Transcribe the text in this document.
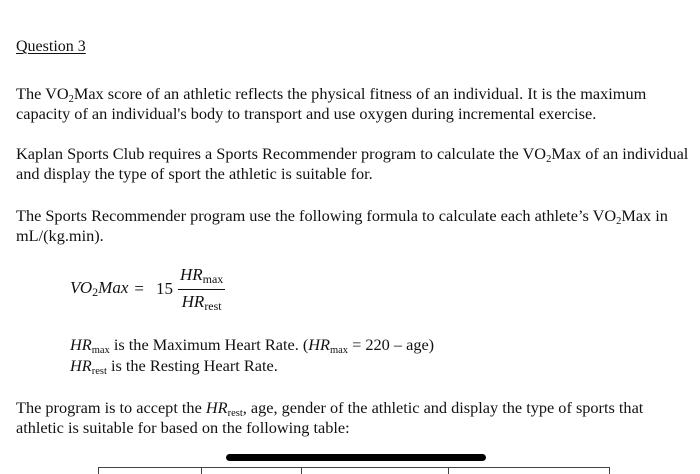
Question 3
The $VO_2Max$ score of an athletic reflects the physical fitness of an individual. It is the maximum capacity of an individual's body to transport and use oxygen during incremental exercise.
Kaplan Sports Club requires a Sports Recommender program to calculate the $VO_2Max$ of an individual and display the type of sport the athletic is suitable for.
The Sports Recommender program use the following formula to calculate each athlete’s $VO_2Max$ in mL/(kg.min).
$VO2Max = 15 \frac{HRmax}{\text{HRrest}}$
$HR_{max}$ is the Maximum Heart Rate. $(HR_{max} = 220 - age)$
$HR_{rest}$ is the Resting Heart Rate.
The program is to accept the $HR_{rest}$, age, gender of the athletic and display the type of sports that athletic is suitable for based on the following table:
